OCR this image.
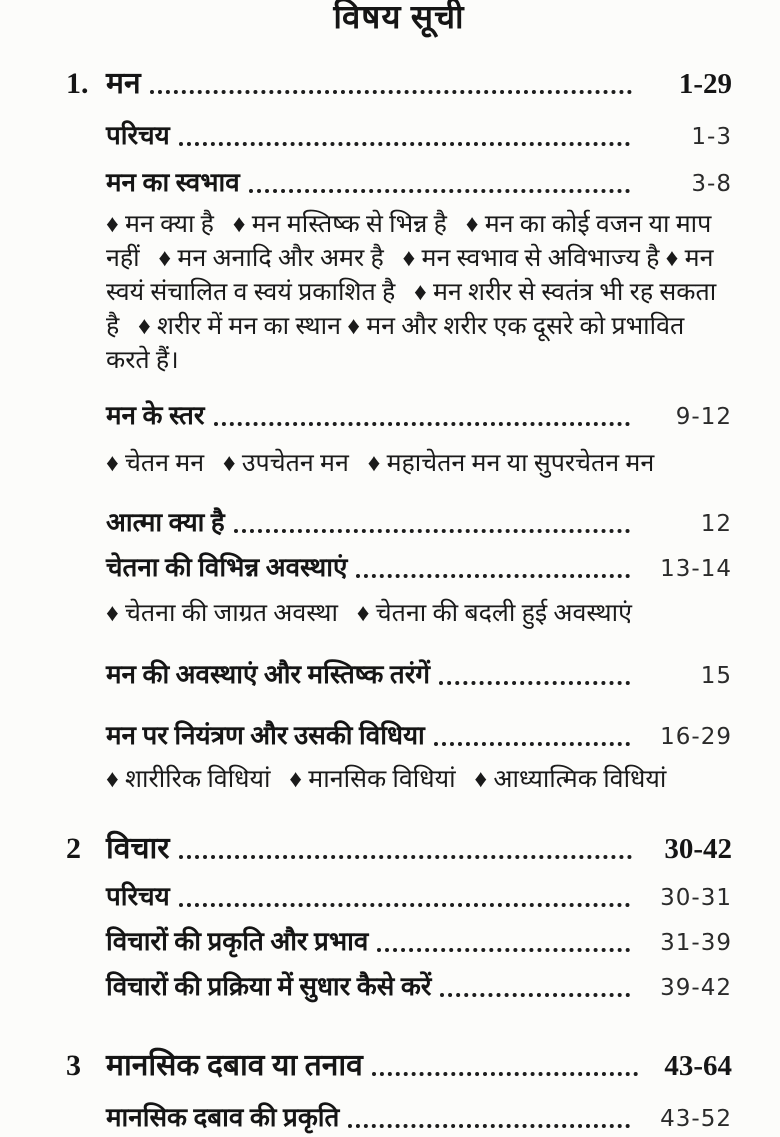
विषय सूची
1. मन	1-29
परिचय	1-3
मन का स्वभाव	3-8

♦ मन क्या है  ♦ मन मस्तिष्क से भिन्न है  ♦ मन का कोई वजन या माप नहीं  ♦ मन अनादि और अमर है  ♦ मन स्वभाव से अविभाज्य है ♦ मन स्वयं संचालित व स्वयं प्रकाशित है  ♦ मन शरीर से स्वतंत्र भी रह सकता है  ♦ शरीर में मन का स्थान ♦ मन और शरीर एक दूसरे को प्रभावित करते हैं।

मन के स्तर	9-12

♦ चेतन मन  ♦ उपचेतन मन  ♦ महाचेतन मन या सुपरचेतन मन

आत्मा क्या है	12
चेतना की विभिन्न अवस्थाएं	13-14

♦ चेतना की जाग्रत अवस्था  ♦ चेतना की बदली हुई अवस्थाएं

मन की अवस्थाएं और मस्तिष्क तरंगें	15
मन पर नियंत्रण और उसकी विधिया	16-29

♦ शारीरिक विधियां  ♦ मानसिक विधियां  ♦ आध्यात्मिक विधियां

2 विचार	30-42
परिचय	30-31
विचारों की प्रकृति और प्रभाव	31-39
विचारों की प्रक्रिया में सुधार कैसे करें	39-42
3 मानसिक दबाव या तनाव	43-64
मानसिक दबाव की प्रकृति	43-52
